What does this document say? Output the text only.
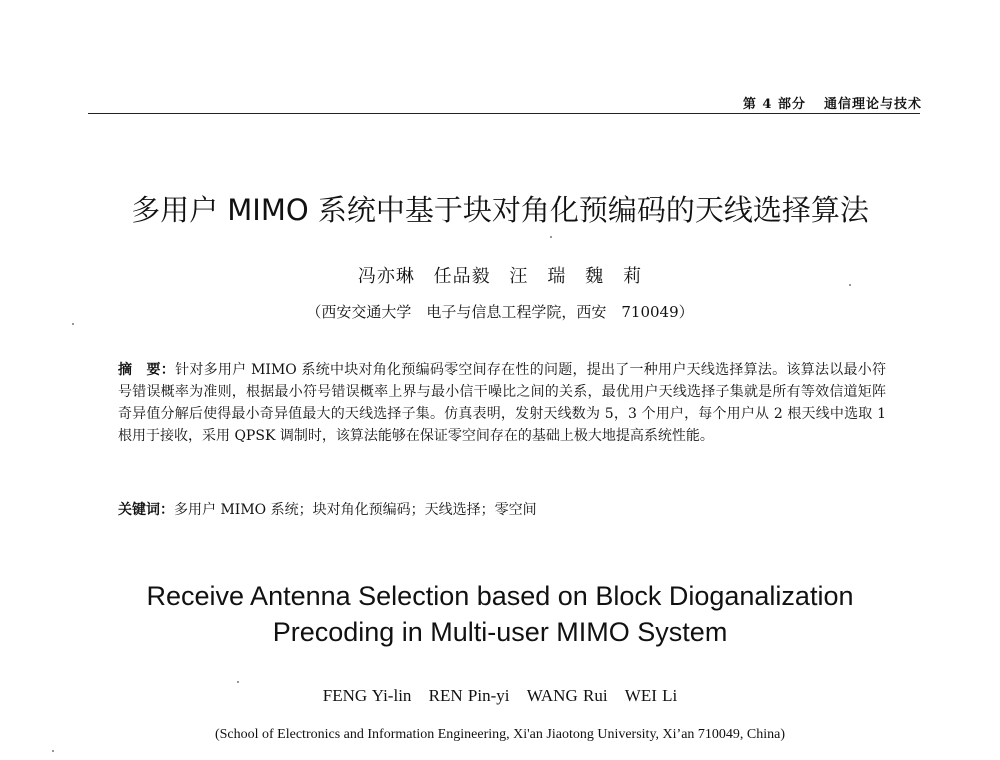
第 4 部分 通信理论与技术
多用户 MIMO 系统中基于块对角化预编码的天线选择算法
冯亦琳 任品毅 汪　瑞 魏　莉
（西安交通大学　电子与信息工程学院，西安　710049）
摘　要：针对多用户 MIMO 系统中块对角化预编码零空间存在性的问题，提出了一种用户天线选择算法。该算法以最小符号错误概率为准则，根据最小符号错误概率上界与最小信干噪比之间的关系，最优用户天线选择子集就是所有等效信道矩阵奇异值分解后使得最小奇异值最大的天线选择子集。仿真表明，发射天线数为 5，3 个用户，每个用户从 2 根天线中选取 1 根用于接收，采用 QPSK 调制时，该算法能够在保证零空间存在的基础上极大地提高系统性能。
关键词：多用户 MIMO 系统；块对角化预编码；天线选择；零空间
Receive Antenna Selection based on Block Dioganalization
Precoding in Multi-user MIMO System
FENG Yi-lin REN Pin-yi WANG Rui WEI Li
(School of Electronics and Information Engineering, Xi'an Jiaotong University, Xi’an 710049, China)
